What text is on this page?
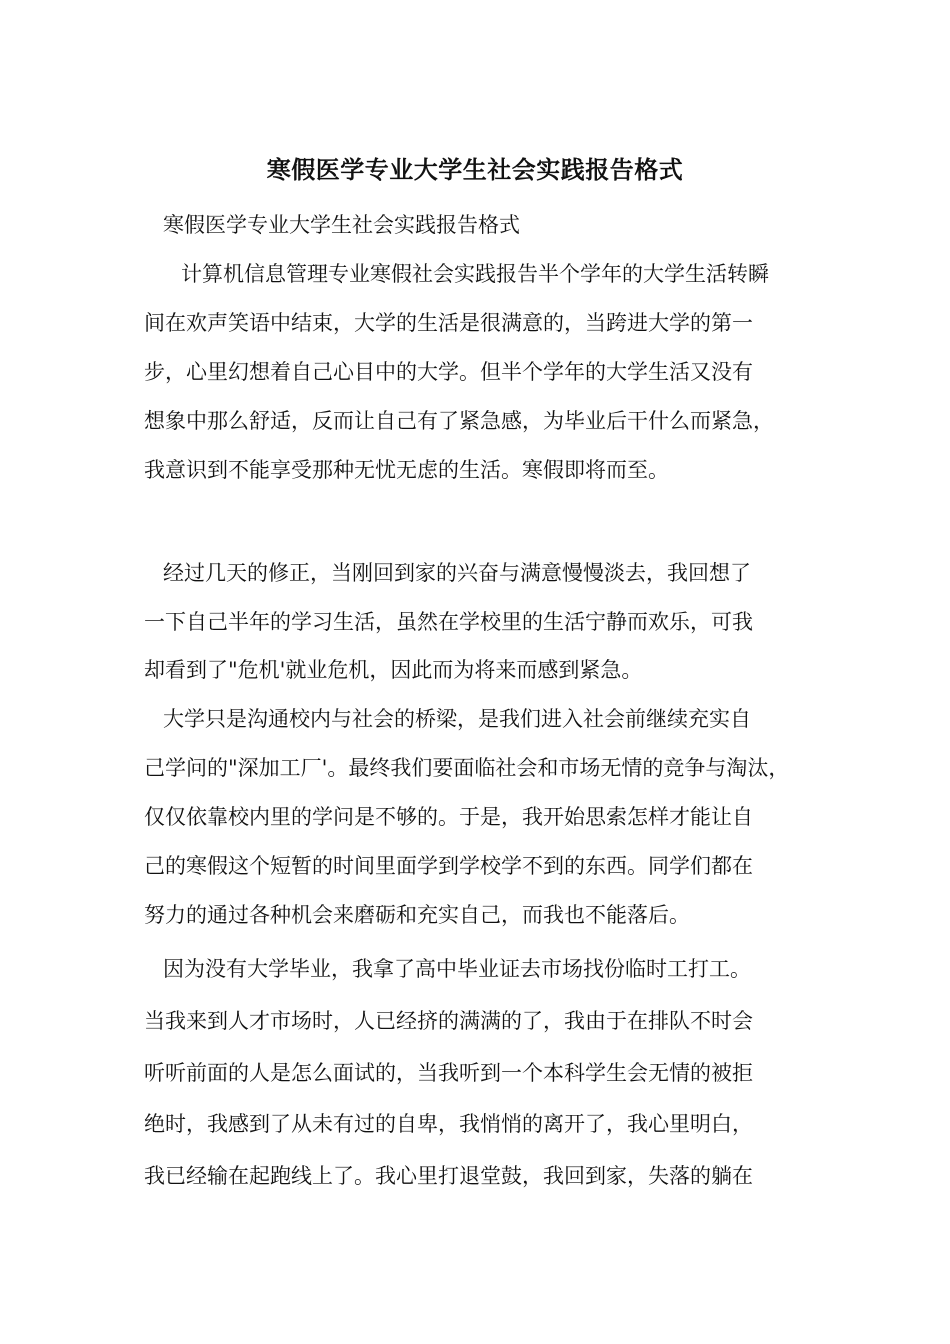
寒假医学专业大学生社会实践报告格式
寒假医学专业大学生社会实践报告格式
计算机信息管理专业寒假社会实践报告半个学年的大学生活转瞬
间在欢声笑语中结束，大学的生活是很满意的，当跨进大学的第一
步，心里幻想着自己心目中的大学。但半个学年的大学生活又没有
想象中那么舒适，反而让自己有了紧急感，为毕业后干什么而紧急，
我意识到不能享受那种无忧无虑的生活。寒假即将而至。
经过几天的修正，当刚回到家的兴奋与满意慢慢淡去，我回想了
一下自己半年的学习生活，虽然在学校里的生活宁静而欢乐，可我
却看到了"危机'就业危机，因此而为将来而感到紧急。
大学只是沟通校内与社会的桥梁，是我们进入社会前继续充实自
己学问的"深加工厂'。最终我们要面临社会和市场无情的竞争与淘汰，
仅仅依靠校内里的学问是不够的。于是，我开始思索怎样才能让自
己的寒假这个短暂的时间里面学到学校学不到的东西。同学们都在
努力的通过各种机会来磨砺和充实自己，而我也不能落后。
因为没有大学毕业，我拿了高中毕业证去市场找份临时工打工。
当我来到人才市场时，人已经挤的满满的了，我由于在排队不时会
听听前面的人是怎么面试的，当我听到一个本科学生会无情的被拒
绝时，我感到了从未有过的自卑，我悄悄的离开了，我心里明白，
我已经输在起跑线上了。我心里打退堂鼓，我回到家，失落的躺在
